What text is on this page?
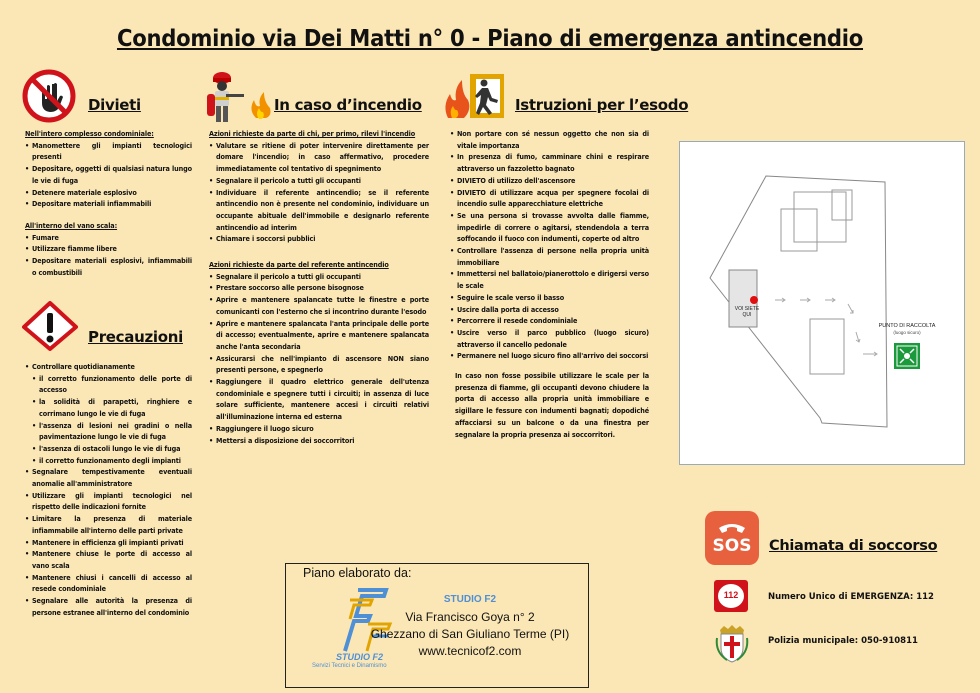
Condominio via Dei Matti n° 0 - Piano di emergenza antincendio
Divieti

Nell'intero complesso condominiale:

• Manomettere gli impianti tecnologici presenti
• Depositare, oggetti di qualsiasi natura lungo le vie di fuga
• Detenere materiale esplosivo
• Depositare materiali infiammabili

All'interno del vano scala:

• Fumare
• Utilizzare fiamme libere
• Depositare materiali esplosivi, infiammabili o combustibili
Precauzioni
• Controllare quotidianamente
• il corretto funzionamento delle porte di accesso
• la solidità di parapetti, ringhiere e corrimano lungo le vie di fuga
• l'assenza di lesioni nei gradini o nella pavimentazione lungo le vie di fuga
• l'assenza di ostacoli lungo le vie di fuga
• il corretto funzionamento degli impianti
• Segnalare tempestivamente eventuali anomalie all'amministratore
• Utilizzare gli impianti tecnologici nel rispetto delle indicazioni fornite
• Limitare la presenza di materiale infiammabile all'interno delle parti private
• Mantenere in efficienza gli impianti privati
• Mantenere chiuse le porte di accesso al vano scala
• Mantenere chiusi i cancelli di accesso al resede condominiale
• Segnalare alle autorità la presenza di persone estranee all'interno del condominio
In caso d’incendio

Azioni richieste da parte di chi, per primo, rilevi l'incendio

• Valutare se ritiene di poter intervenire direttamente per domare l'incendio; in caso affermativo, procedere immediatamente col tentativo di spegnimento
• Segnalare il pericolo a tutti gli occupanti
• Individuare il referente antincendio; se il referente antincendio non è presente nel condominio, individuare un occupante abituale dell'immobile e designarlo referente antincendio ad interim
• Chiamare i soccorsi pubblici

Azioni richieste da parte del referente antincendio

• Segnalare il pericolo a tutti gli occupanti
• Prestare soccorso alle persone bisognose
• Aprire e mantenere spalancate tutte le finestre e porte comunicanti con l'esterno che si incontrino durante l'esodo
• Aprire e mantenere spalancata l'anta principale delle porte di accesso; eventualmente, aprire e mantenere spalancata anche l'anta secondaria
• Assicurarsi che nell'impianto di ascensore NON siano presenti persone, e spegnerlo
• Raggiungere il quadro elettrico generale dell'utenza condominiale e spegnere tutti i circuiti; in assenza di luce solare sufficiente, mantenere accesi i circuiti relativi all'illuminazione interna ed esterna
• Raggiungere il luogo sicuro
• Mettersi a disposizione dei soccorritori
Istruzioni per l’esodo
• Non portare con sé nessun oggetto che non sia di vitale importanza
• In presenza di fumo, camminare chini e respirare attraverso un fazzoletto bagnato
• DIVIETO di utilizzo dell'ascensore
• DIVIETO di utilizzare acqua per spegnere focolai di incendio sulle apparecchiature elettriche
• Se una persona si trovasse avvolta dalle fiamme, impedirle di correre o agitarsi, stendendola a terra soffocando il fuoco con indumenti, coperte od altro
• Controllare l'assenza di persone nella propria unità immobiliare
• Immettersi nel ballatoio/pianerottolo e dirigersi verso le scale
• Seguire le scale verso il basso
• Uscire dalla porta di accesso
• Percorrere il resede condominiale
• Uscire verso il parco pubblico (luogo sicuro) attraverso il cancello pedonale
• Permanere nel luogo sicuro fino all'arrivo dei soccorsi

In caso non fosse possibile utilizzare le scale per la presenza di fiamme, gli occupanti devono chiudere la porta di accesso alla propria unità immobiliare e sigillare le fessure con indumenti bagnati; dopodiché affacciarsi su un balcone o da una finestra per segnalare la propria presenza ai soccorritori.

VOI SIETE QUI
PUNTO DI RACCOLTA
(luogo sicuro)
Piano elaborato da:
STUDIO F2
Servizi Tecnici e Dinamismo
STUDIO F2
Via Francisco Goya n° 2
Ghezzano di San Giuliano Terme (PI)
www.tecnicof2.com
SOS	Chiamata di soccorso
112	Numero Unico di EMERGENZA: 112
Polizia municipale: 050-910811
